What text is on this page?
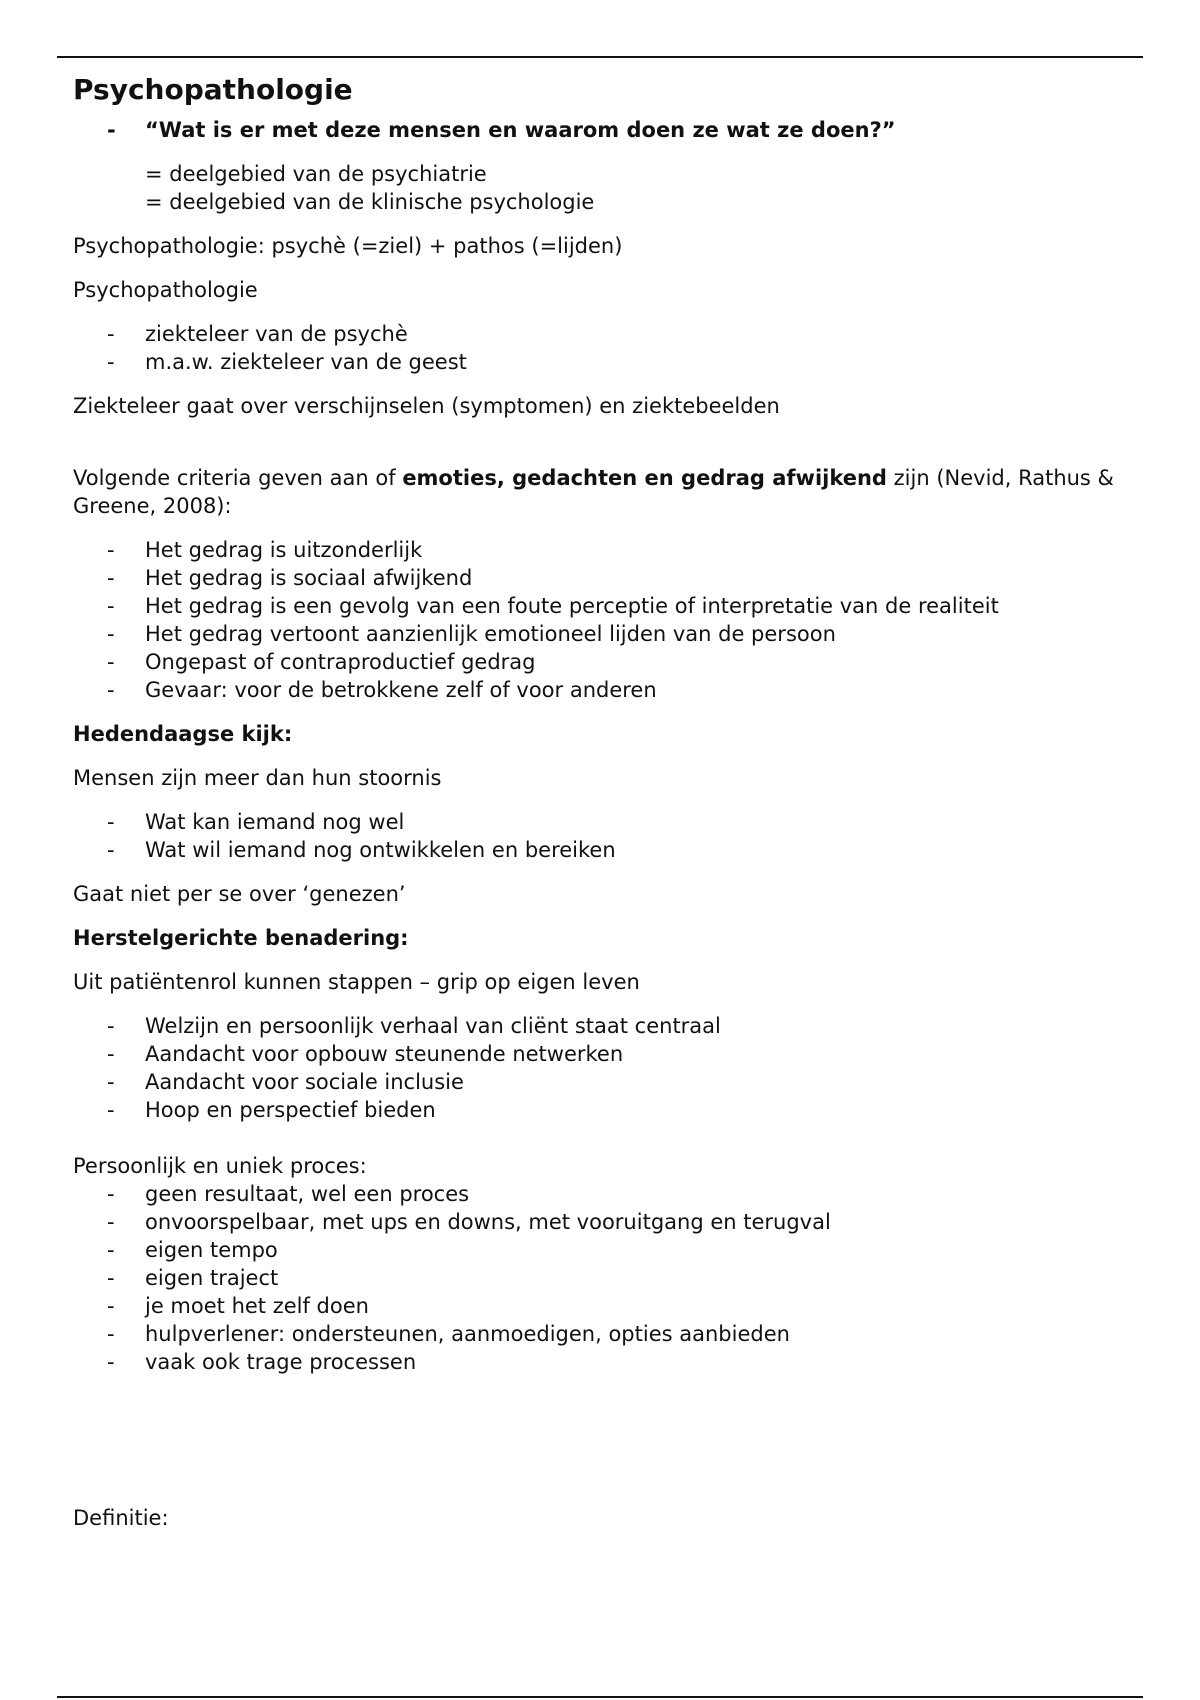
Psychopathologie
-	“Wat is er met deze mensen en waarom doen ze wat ze doen?”
= deelgebied van de psychiatrie
= deelgebied van de klinische psychologie

Psychopathologie: psychè (=ziel) + pathos (=lijden)

Psychopathologie

-	ziekteleer van de psychè
-	m.a.w. ziekteleer van de geest

Ziekteleer gaat over verschijnselen (symptomen) en ziektebeelden

Volgende criteria geven aan of emoties, gedachten en gedrag afwijkend zijn (Nevid, Rathus & Greene, 2008):

-	Het gedrag is uitzonderlijk
-	Het gedrag is sociaal afwijkend
-	Het gedrag is een gevolg van een foute perceptie of interpretatie van de realiteit
-	Het gedrag vertoont aanzienlijk emotioneel lijden van de persoon
-	Ongepast of contraproductief gedrag
-	Gevaar: voor de betrokkene zelf of voor anderen

Hedendaagse kijk:

Mensen zijn meer dan hun stoornis

-	Wat kan iemand nog wel
-	Wat wil iemand nog ontwikkelen en bereiken

Gaat niet per se over ‘genezen’

Herstelgerichte benadering:

Uit patiëntenrol kunnen stappen – grip op eigen leven

-	Welzijn en persoonlijk verhaal van cliënt staat centraal
-	Aandacht voor opbouw steunende netwerken
-	Aandacht voor sociale inclusie
-	Hoop en perspectief bieden

Persoonlijk en uniek proces:

-	geen resultaat, wel een proces
-	onvoorspelbaar, met ups en downs, met vooruitgang en terugval
-	eigen tempo
-	eigen traject
-	je moet het zelf doen
-	hulpverlener: ondersteunen, aanmoedigen, opties aanbieden
-	vaak ook trage processen

Definitie:
